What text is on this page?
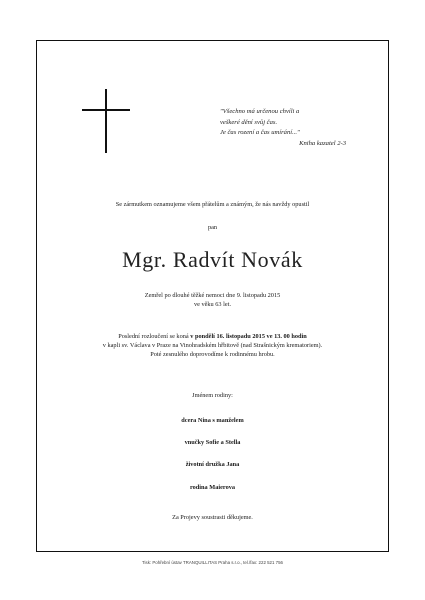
"Všechno má určenou chvíli a
veškeré dění svůj čas.
Je čas rození a čas umírání..."
Kniha kazatel 2-3
Se zármutkem oznamujeme všem přátelům a známým, že nás navždy opustil
pan
Mgr. Radvít Novák
Zemřel po dlouhé těžké nemoci dne 9. listopadu 2015
ve věku 63 let.
Poslední rozloučení se koná v pondělí 16. listopadu 2015 ve 13. 00 hodin
v kapli sv. Václava v Praze na Vinohradském hřbitově (nad Strašnickým krematoriem).
Poté zesnulého doprovodíme k rodinnému hrobu.
Jménem rodiny:
dcera Nina s manželem
vnučky Sofie a Stella
životní družka Jana
rodina Maierova
Za Projevy soustrasti děkujeme.
Tisk: Pohřební ústav TRANQUILLITAS Praha s.r.o., tel./fax: 222 521 756
